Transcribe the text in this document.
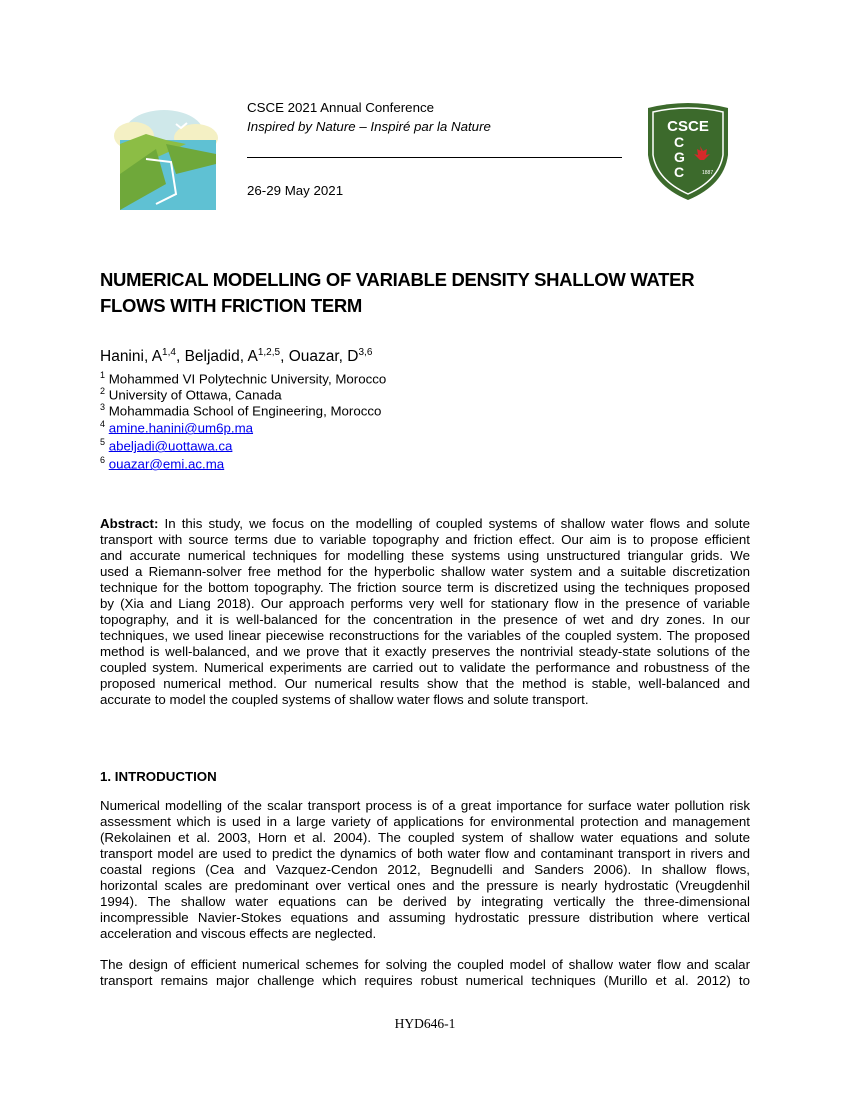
CSCE 2021 Annual Conference
Inspired by Nature – Inspiré par la Nature
26-29 May 2021
CSCE
C
G
C	1887
NUMERICAL MODELLING OF VARIABLE DENSITY SHALLOW WATER
FLOWS WITH FRICTION TERM
Hanini, A$^{1,4}$, Beljadid, A$^{1,2,5}$, Ouazar, D$^{3,6}$
$^1$ Mohammed VI Polytechnic University, Morocco
$^2$ University of Ottawa, Canada
$^3$ Mohammadia School of Engineering, Morocco
$^4$ amine.hanini@um6p.ma
$^5$ abeljadi@uottawa.ca
$^6$ ouazar@emi.ac.ma
Abstract: In this study, we focus on the modelling of coupled systems of shallow water flows and solute
transport with source terms due to variable topography and friction effect. Our aim is to propose efficient
and accurate numerical techniques for modelling these systems using unstructured triangular grids. We
used a Riemann-solver free method for the hyperbolic shallow water system and a suitable discretization
technique for the bottom topography. The friction source term is discretized using the techniques proposed
by (Xia and Liang 2018). Our approach performs very well for stationary flow in the presence of variable
topography, and it is well-balanced for the concentration in the presence of wet and dry zones. In our
techniques, we used linear piecewise reconstructions for the variables of the coupled system. The proposed
method is well-balanced, and we prove that it exactly preserves the nontrivial steady-state solutions of the
coupled system. Numerical experiments are carried out to validate the performance and robustness of the
proposed numerical method. Our numerical results show that the method is stable, well-balanced and
accurate to model the coupled systems of shallow water flows and solute transport.
1. INTRODUCTION
Numerical modelling of the scalar transport process is of a great importance for surface water pollution risk
assessment which is used in a large variety of applications for environmental protection and management
(Rekolainen et al. 2003, Horn et al. 2004). The coupled system of shallow water equations and solute
transport model are used to predict the dynamics of both water flow and contaminant transport in rivers and
coastal regions (Cea and Vazquez-Cendon 2012, Begnudelli and Sanders 2006). In shallow flows,
horizontal scales are predominant over vertical ones and the pressure is nearly hydrostatic (Vreugdenhil
1994). The shallow water equations can be derived by integrating vertically the three-dimensional
incompressible Navier-Stokes equations and assuming hydrostatic pressure distribution where vertical
acceleration and viscous effects are neglected.
The design of efficient numerical schemes for solving the coupled model of shallow water flow and scalar
transport remains major challenge which requires robust numerical techniques (Murillo et al. 2012) to
HYD646-1
